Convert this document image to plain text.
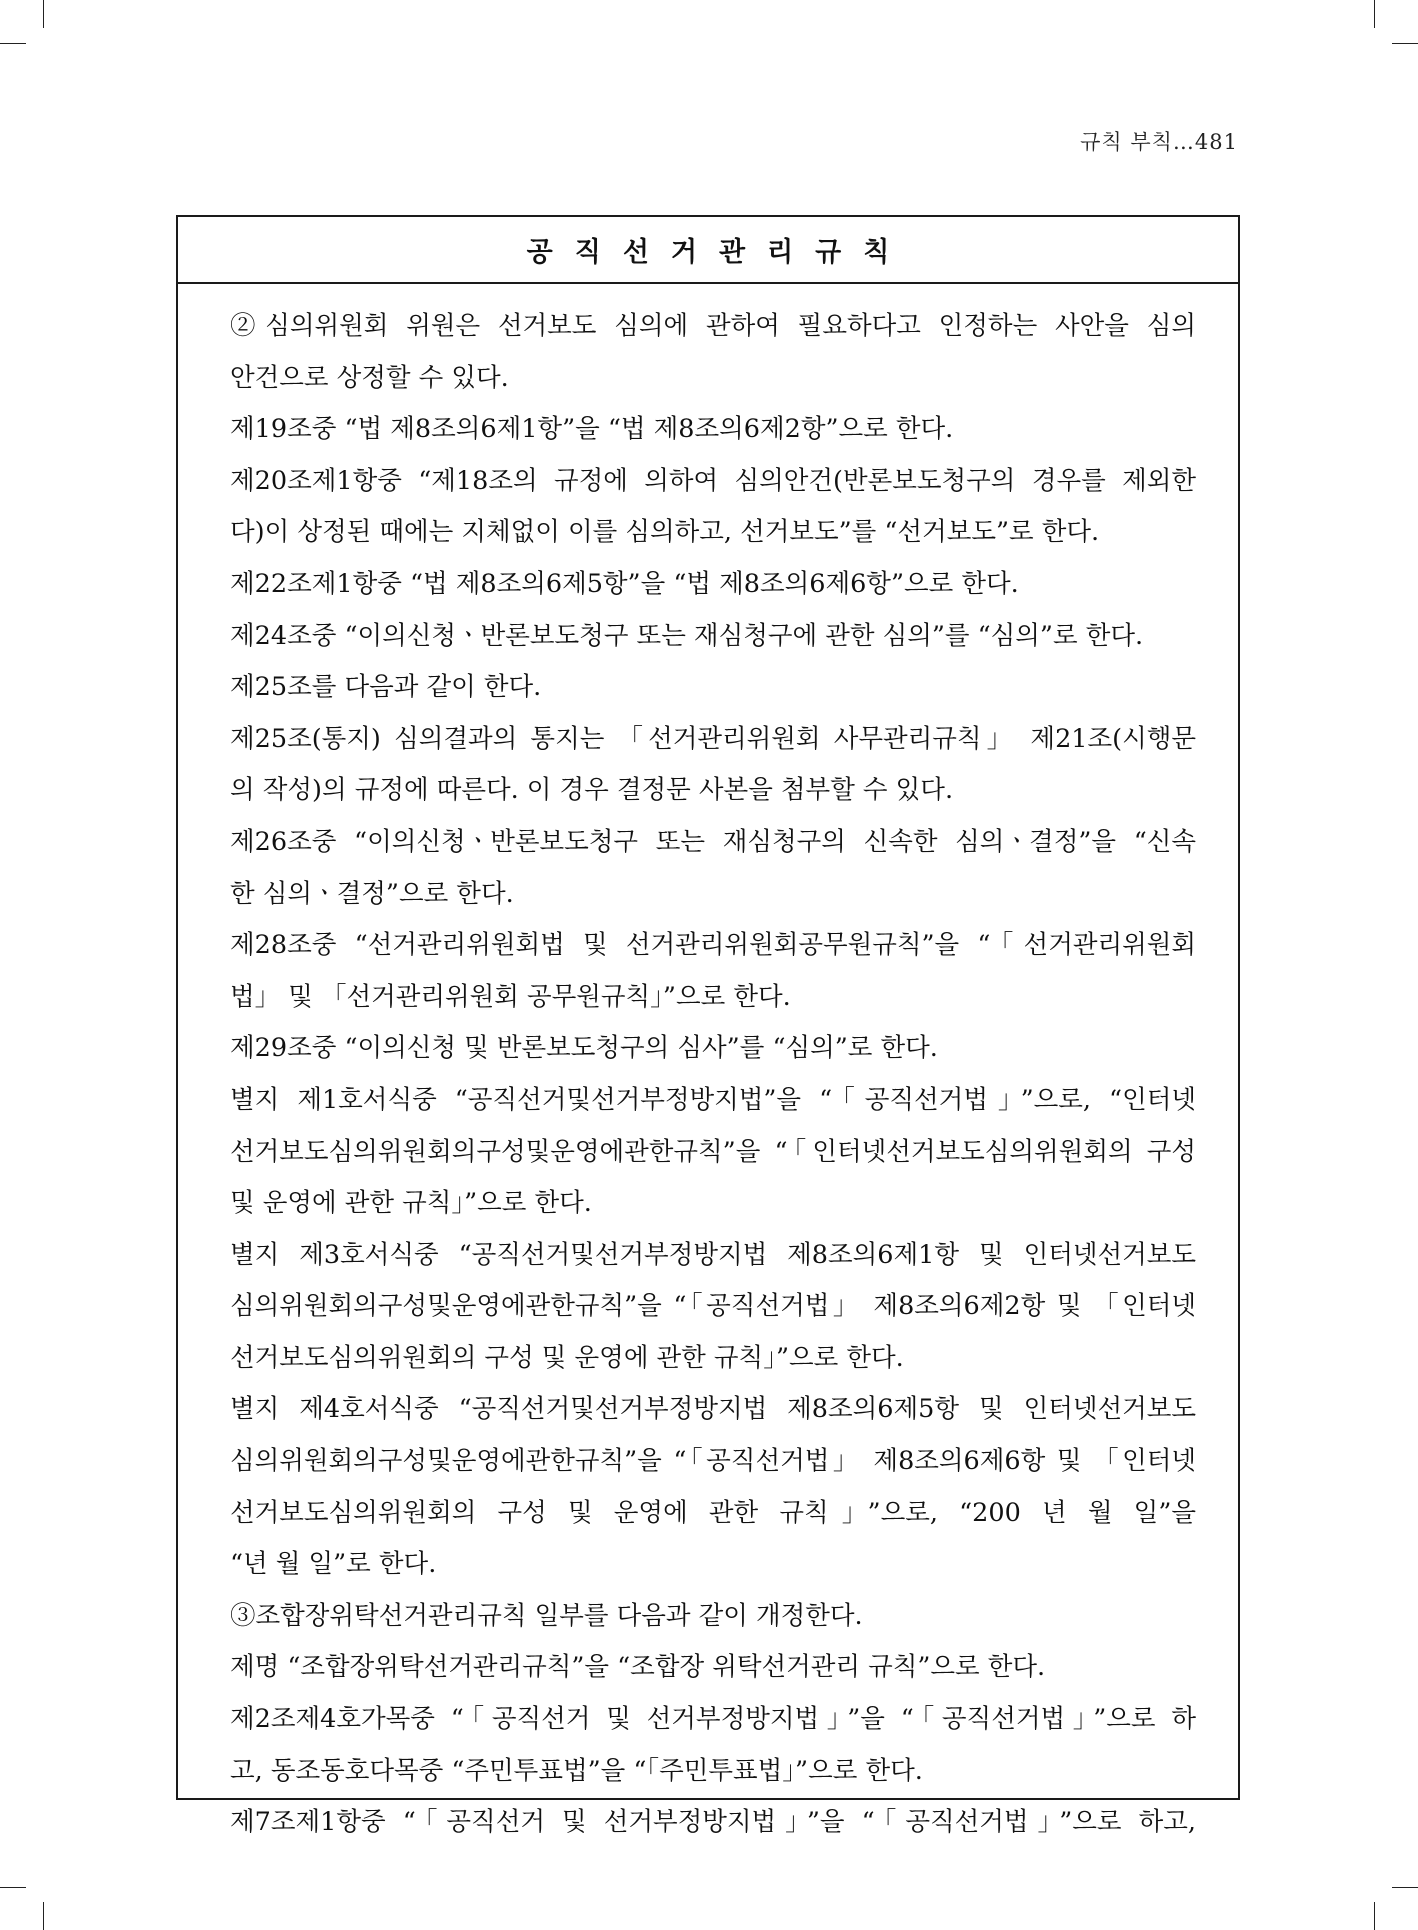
규칙 부칙…481
공직선거관리규칙
②심의위원회 위원은 선거보도 심의에 관하여 필요하다고 인정하는 사안을 심의
안건으로 상정할 수 있다.
제19조중 “법 제8조의6제1항”을 “법 제8조의6제2항”으로 한다.
제20조제1항중 “제18조의 규정에 의하여 심의안건(반론보도청구의 경우를 제외한
다)이 상정된 때에는 지체없이 이를 심의하고, 선거보도”를 “선거보도”로 한다.
제22조제1항중 “법 제8조의6제5항”을 “법 제8조의6제6항”으로 한다.
제24조중 “이의신청ㆍ반론보도청구 또는 재심청구에 관한 심의”를 “심의”로 한다.
제25조를 다음과 같이 한다.
제25조(통지) 심의결과의 통지는 「선거관리위원회 사무관리규칙」 제21조(시행문
의 작성)의 규정에 따른다. 이 경우 결정문 사본을 첨부할 수 있다.
제26조중 “이의신청ㆍ반론보도청구 또는 재심청구의 신속한 심의ㆍ결정”을 “신속
한 심의ㆍ결정”으로 한다.
제28조중 “선거관리위원회법 및 선거관리위원회공무원규칙”을 “「선거관리위원회
법」 및 「선거관리위원회 공무원규칙」”으로 한다.
제29조중 “이의신청 및 반론보도청구의 심사”를 “심의”로 한다.
별지 제1호서식중 “공직선거및선거부정방지법”을 “「공직선거법」”으로, “인터넷
선거보도심의위원회의구성및운영에관한규칙”을 “「인터넷선거보도심의위원회의 구성
및 운영에 관한 규칙」”으로 한다.
별지 제3호서식중 “공직선거및선거부정방지법 제8조의6제1항 및 인터넷선거보도
심의위원회의구성및운영에관한규칙”을 “「공직선거법」 제8조의6제2항 및 「인터넷
선거보도심의위원회의 구성 및 운영에 관한 규칙」”으로 한다.
별지 제4호서식중 “공직선거및선거부정방지법 제8조의6제5항 및 인터넷선거보도
심의위원회의구성및운영에관한규칙”을 “「공직선거법」 제8조의6제6항 및 「인터넷
선거보도심의위원회의 구성 및 운영에 관한 규칙」”으로, “200 년 월 일”을
“년 월 일”로 한다.
③조합장위탁선거관리규칙 일부를 다음과 같이 개정한다.
제명 “조합장위탁선거관리규칙”을 “조합장 위탁선거관리 규칙”으로 한다.
제2조제4호가목중 “「공직선거 및 선거부정방지법」”을 “「공직선거법」”으로 하
고, 동조동호다목중 “주민투표법”을 “「주민투표법」”으로 한다.
제7조제1항중 “「공직선거 및 선거부정방지법」”을 “「공직선거법」”으로 하고,
